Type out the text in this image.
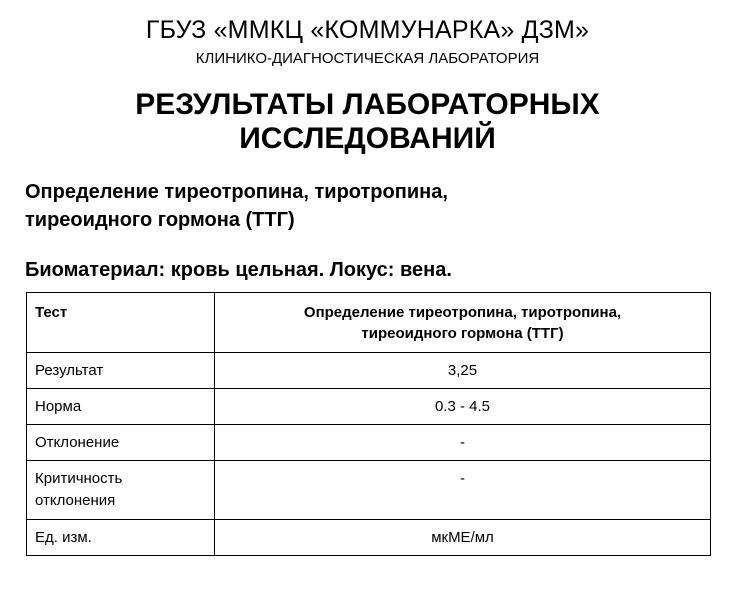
ГБУЗ «ММКЦ «КОММУНАРКА» ДЗМ»
КЛИНИКО-ДИАГНОСТИЧЕСКАЯ ЛАБОРАТОРИЯ
РЕЗУЛЬТАТЫ ЛАБОРАТОРНЫХ
ИССЛЕДОВАНИЙ
Определение тиреотропина, тиротропина,
тиреоидного гормона (ТТГ)
Биоматериал: кровь цельная. Локус: вена.
Тест	Определение тиреотропина, тиротропина,
тиреоидного гормона (ТТГ)

Результат	3,25
Норма	0.3 - 4.5
Отклонение	-

Критичность
отклонения	-
Ед. изм.	мкМЕ/мл
